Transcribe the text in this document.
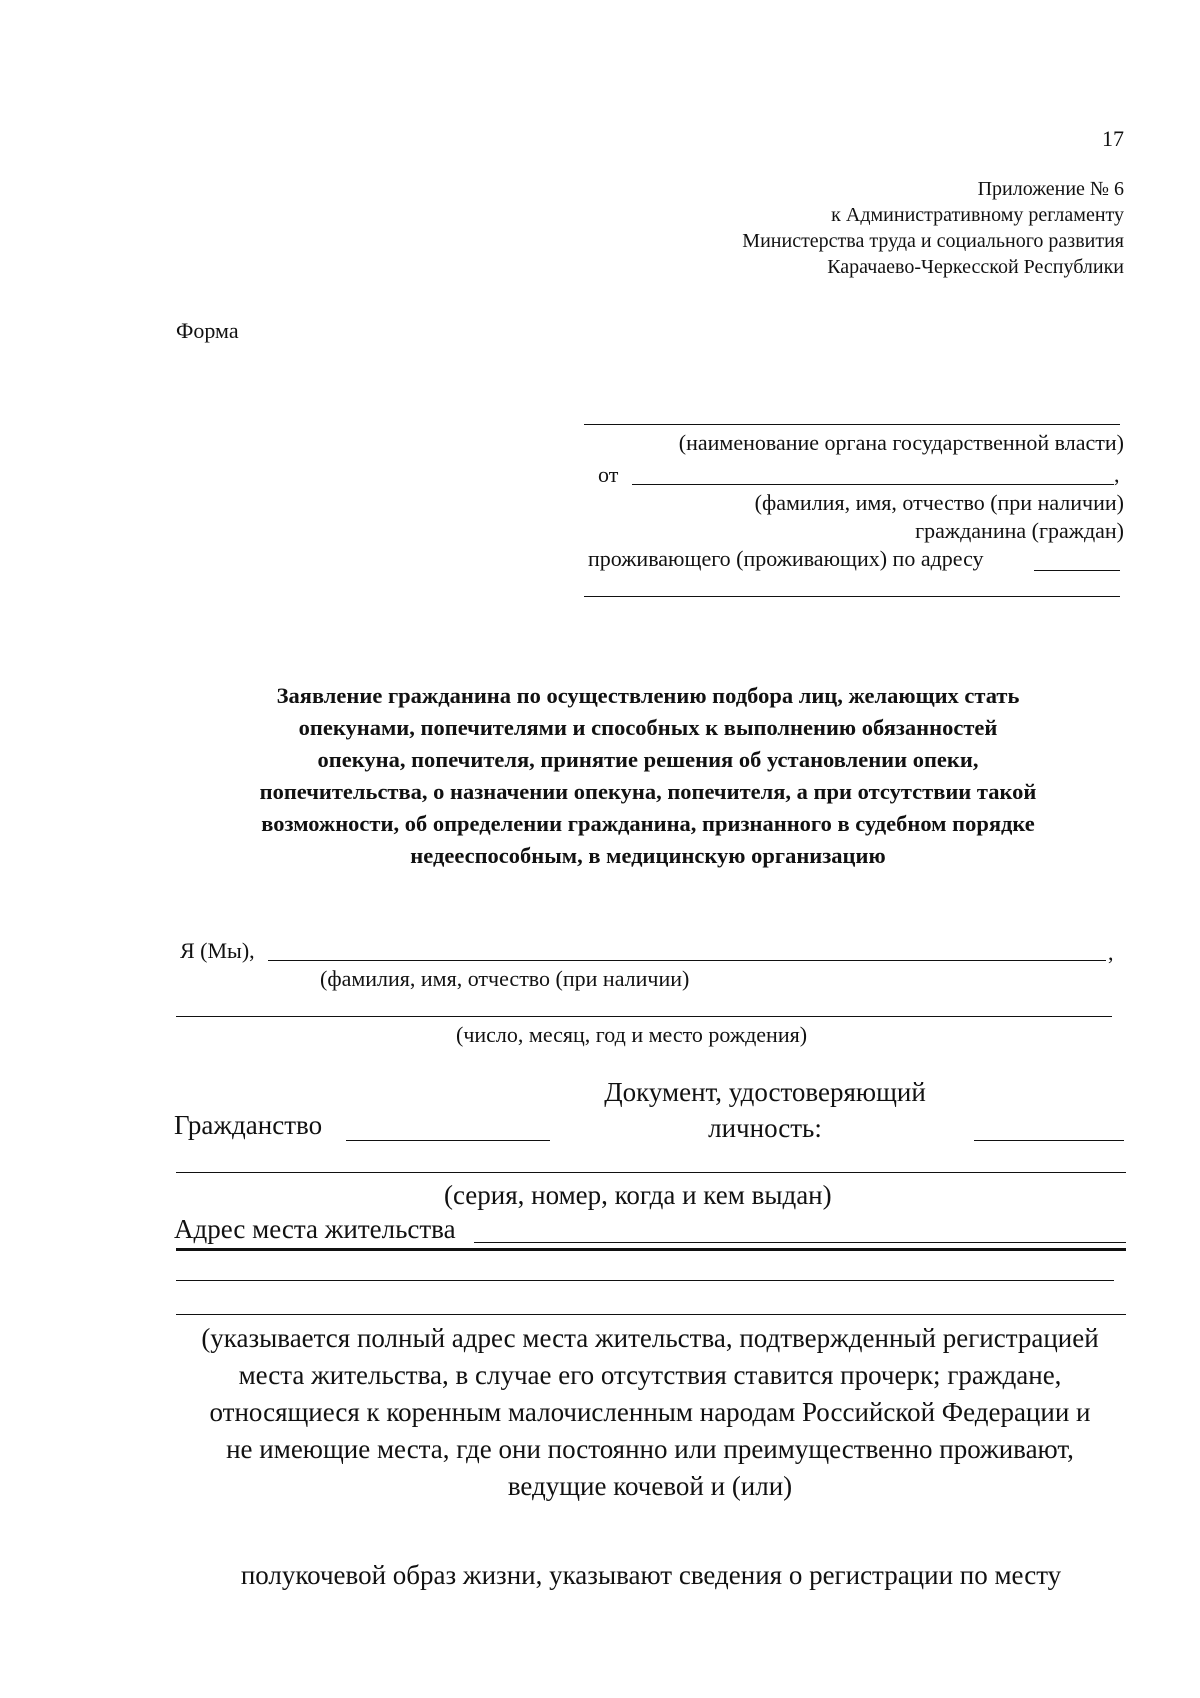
17
Приложение № 6
к Административному регламенту
Министерства труда и социального развития
Карачаево-Черкесской Республики
Форма
(наименование органа государственной власти)
от	,
(фамилия, имя, отчество (при наличии)
гражданина (граждан)
проживающего (проживающих) по адресу
Заявление гражданина по осуществлению подбора лиц, желающих стать
опекунами, попечителями и способных к выполнению обязанностей
опекуна, попечителя, принятие решения об установлении опеки,
попечительства, о назначении опекуна, попечителя, а при отсутствии такой
возможности, об определении гражданина, признанного в судебном порядке
недееспособным, в медицинскую организацию
Я (Мы),	,
(фамилия, имя, отчество (при наличии)
(число, месяц, год и место рождения)
Документ, удостоверяющий
личность:
Гражданство
(серия, номер, когда и кем выдан)
Адрес места жительства
(указывается полный адрес места жительства, подтвержденный регистрацией
места жительства, в случае его отсутствия ставится прочерк; граждане,
относящиеся к коренным малочисленным народам Российской Федерации и
не имеющие места, где они постоянно или преимущественно проживают,
ведущие кочевой и (или)
полукочевой образ жизни, указывают сведения о регистрации по месту
